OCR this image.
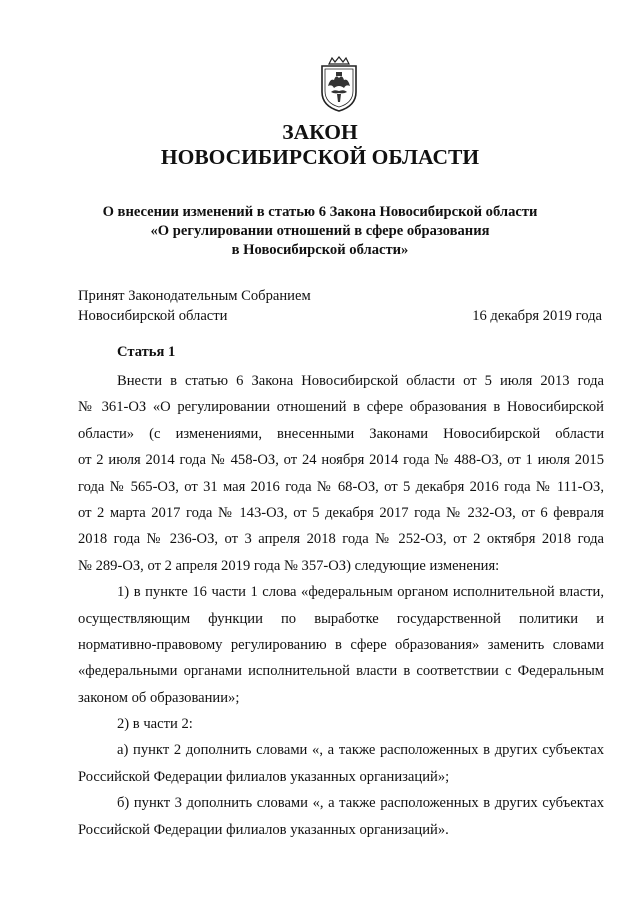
ЗАКОН
НОВОСИБИРСКОЙ ОБЛАСТИ
О внесении изменений в статью 6 Закона Новосибирской области
«О регулировании отношений в сфере образования
в Новосибирской области»
Принят Законодательным Собранием
Новосибирской области	16 декабря 2019 года
Статья 1
Внести в статью 6 Закона Новосибирской области от 5 июля 2013 года
№ 361-ОЗ «О регулировании отношений в сфере образования в Новосибирской
области» (с изменениями, внесенными Законами Новосибирской области
от 2 июля 2014 года № 458-ОЗ, от 24 ноября 2014 года № 488-ОЗ, от 1 июля 2015
года № 565-ОЗ, от 31 мая 2016 года № 68-ОЗ, от 5 декабря 2016 года № 111-ОЗ,
от 2 марта 2017 года № 143-ОЗ, от 5 декабря 2017 года № 232-ОЗ, от 6 февраля
2018 года № 236-ОЗ, от 3 апреля 2018 года № 252-ОЗ, от 2 октября 2018 года
№ 289-ОЗ, от 2 апреля 2019 года № 357-ОЗ) следующие изменения:
1) в пункте 16 части 1 слова «федеральным органом исполнительной власти,
осуществляющим функции по выработке государственной политики и
нормативно-правовому регулированию в сфере образования» заменить словами
«федеральными органами исполнительной власти в соответствии с Федеральным
законом об образовании»;
2) в части 2:
а) пункт 2 дополнить словами «, а также расположенных в других субъектах
Российской Федерации филиалов указанных организаций»;
б) пункт 3 дополнить словами «, а также расположенных в других субъектах
Российской Федерации филиалов указанных организаций».
